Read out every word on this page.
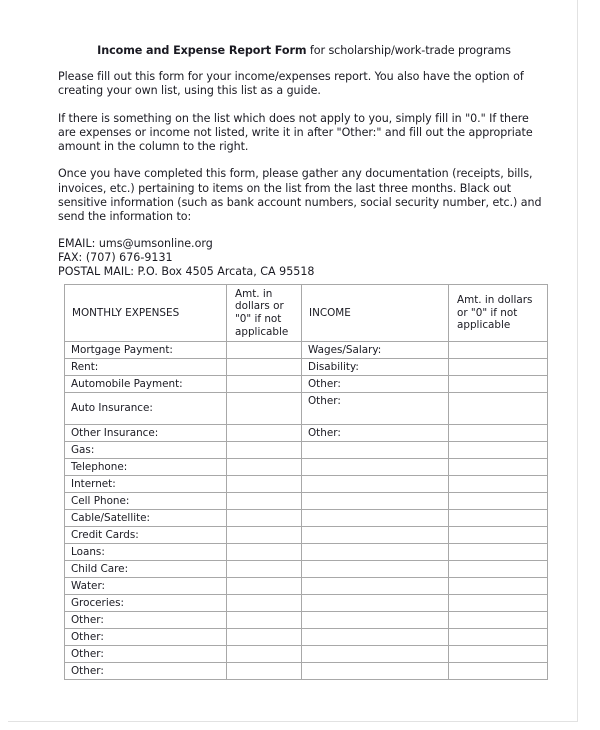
Income and Expense Report Form for scholarship/work-trade programs

Please fill out this form for your income/expenses report. You also have the option of creating your own list, using this list as a guide.

If there is something on the list which does not apply to you, simply fill in "0." If there are expenses or income not listed, write it in after "Other:" and fill out the appropriate amount in the column to the right.

Once you have completed this form, please gather any documentation (receipts, bills, invoices, etc.) pertaining to items on the list from the last three months. Black out sensitive information (such as bank account numbers, social security number, etc.) and send the information to:

EMAIL: ums@umsonline.org
FAX: (707) 676-9131
POSTAL MAIL: P.O. Box 4505 Arcata, CA 95518
MONTHLY EXPENSES	Amt. in dollars or "0" if not applicable	INCOME	Amt. in dollars or "0" if not applicable

Mortgage Payment:		Wages/Salary:	
Rent:		Disability:	
Automobile Payment:		Other:	
Auto Insurance:		Other:	
Other Insurance:		Other:	
Gas:			
Telephone:			
Internet:			
Cell Phone:			
Cable/Satellite:			
Credit Cards:			
Loans:			
Child Care:			
Water:			
Groceries:			
Other:			
Other:			
Other:			
Other:			
